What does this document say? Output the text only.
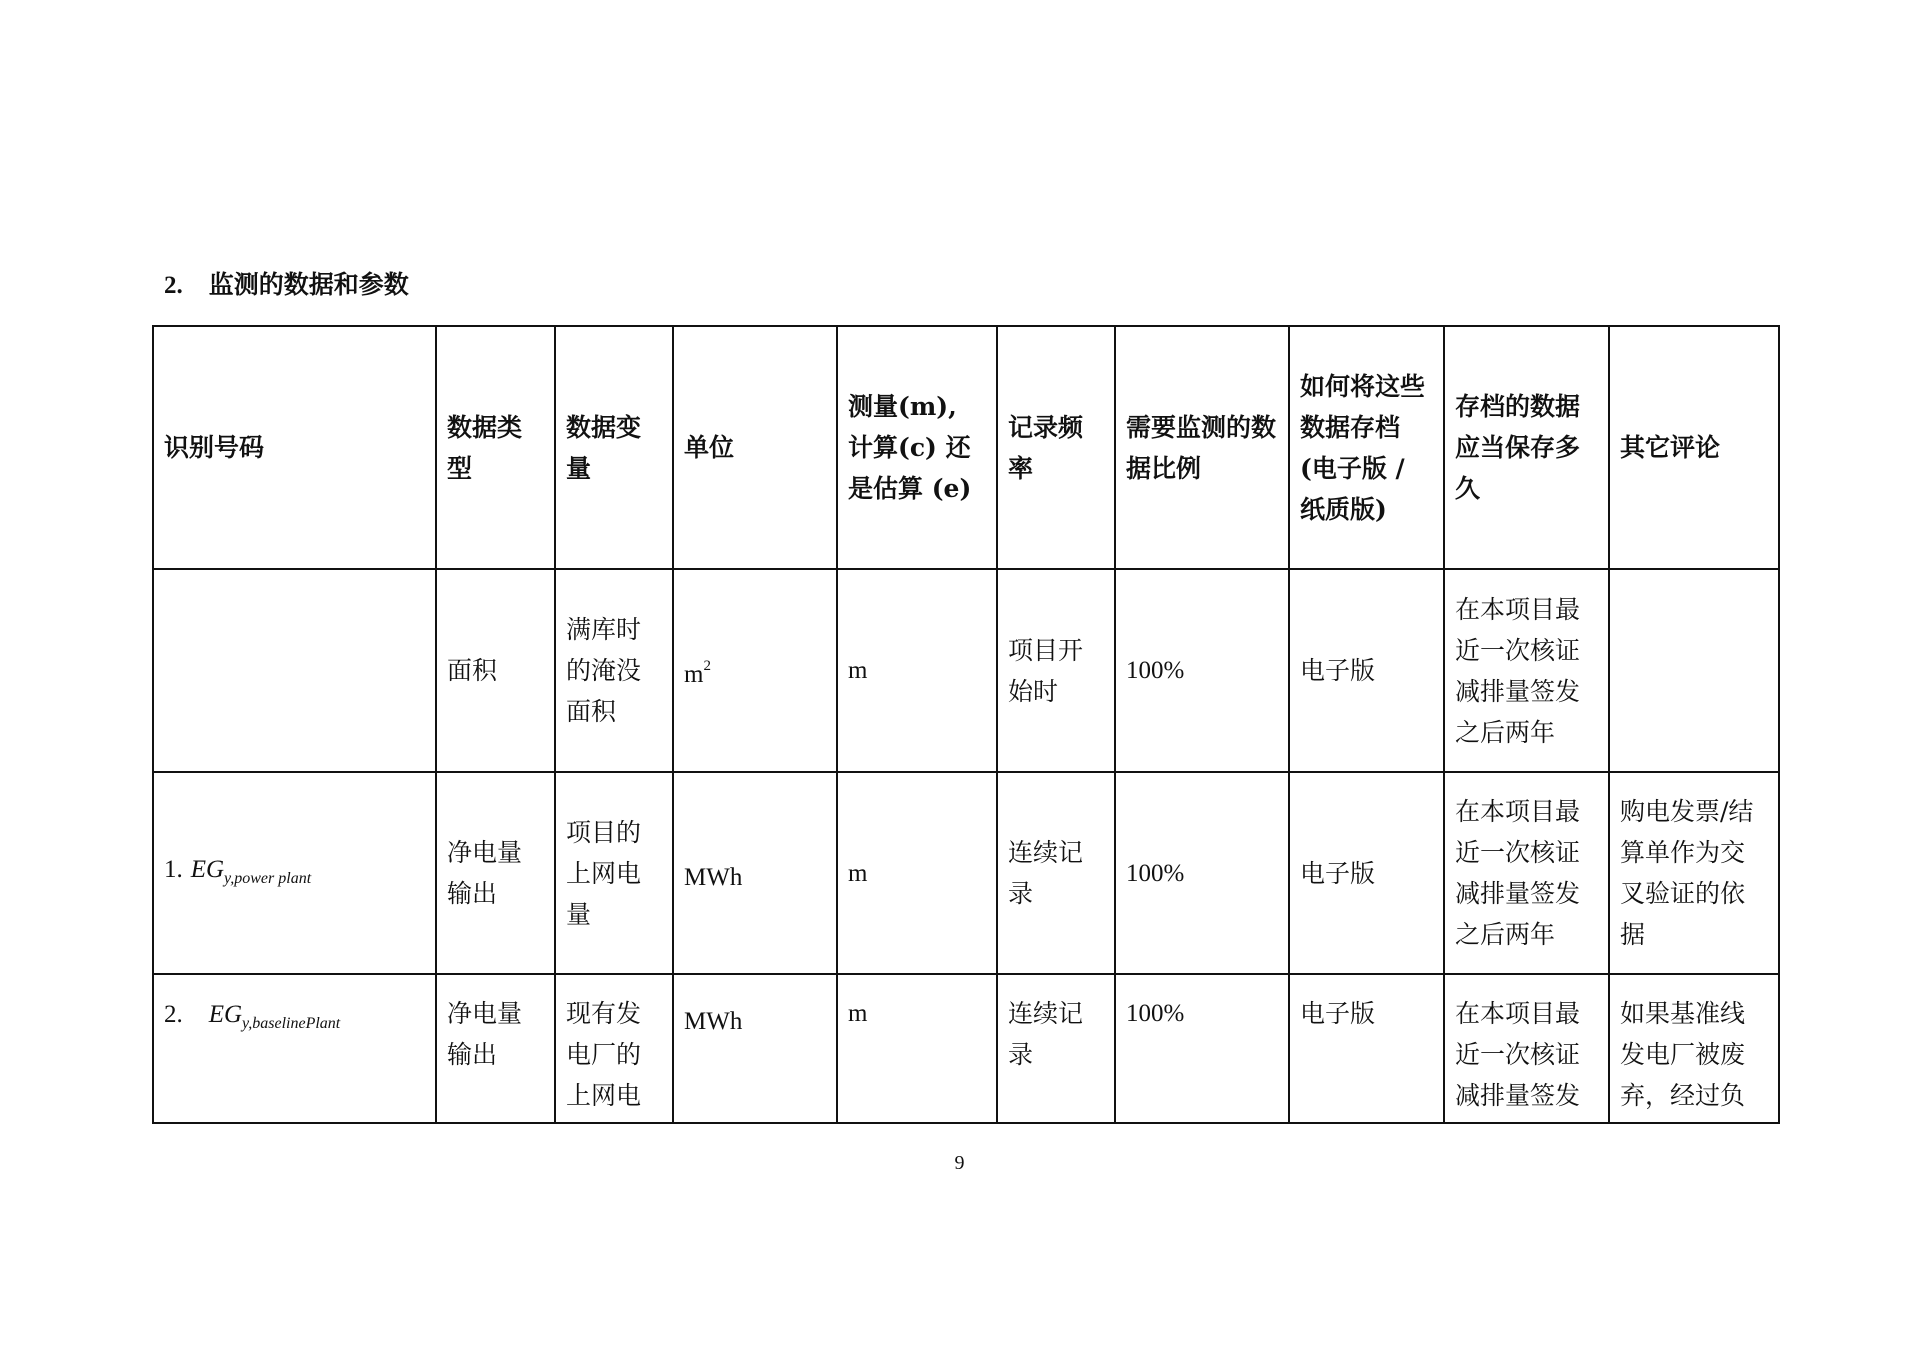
2. 监测的数据和参数
识别号码	数据类型	数据变量	单位	测量(m), 计算(c) 还是估算 (e)	记录频率	需要监测的数据比例	如何将这些数据存档 (电子版 / 纸质版)	存档的数据应当保存多久	其它评论
	面积	满库时的淹没面积	$m^2$	m	项目开始时	100%	电子版	在本项目最近一次核证减排量签发之后两年	
1. $EG_{y,power plant}$	净电量输出	项目的上网电量	MWh	m	连续记录	100%	电子版	在本项目最近一次核证减排量签发之后两年	购电发票/结算单作为交叉验证的依据
2. $EG_{y,baselinePlant}$	净电量输出	现有发电厂的上网电	MWh	m	连续记录	100%	电子版	在本项目最近一次核证减排量签发	如果基准线发电厂被废弃，经过负
9
